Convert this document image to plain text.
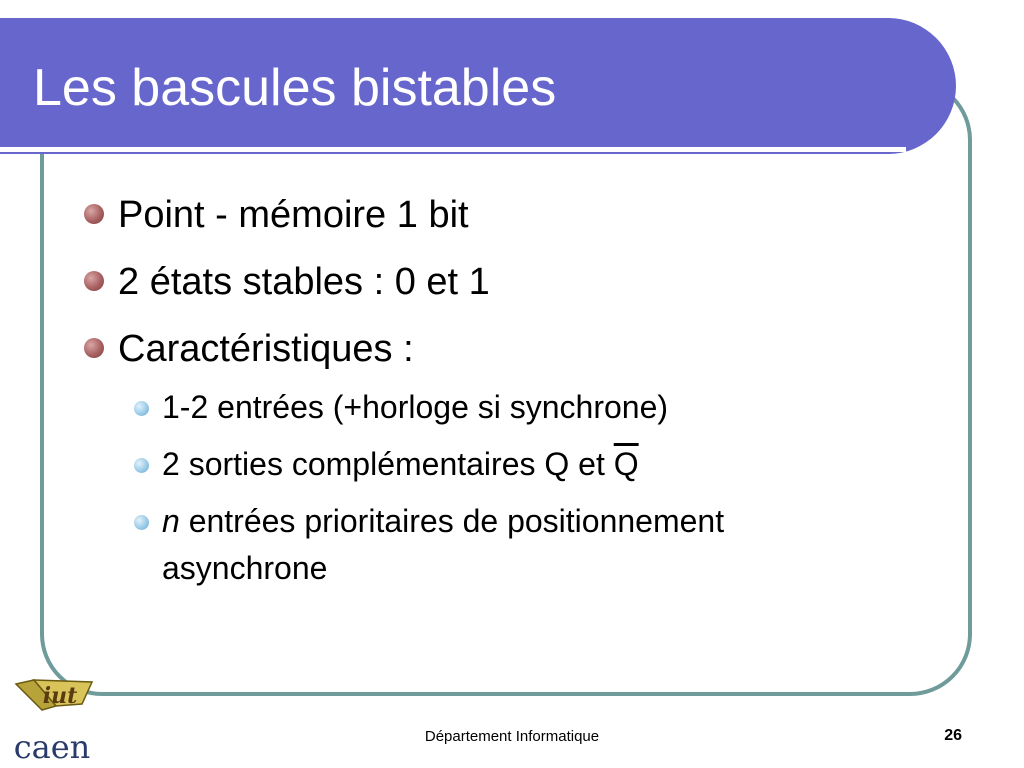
Les bascules bistables
Point - mémoire 1 bit
2 états stables : 0 et 1
Caractéristiques :
1-2 entrées (+horloge si synchrone)
2 sorties complémentaires Q et $\overline{Q}$
n entrées prioritaires de positionnement
asynchrone
iut
caen	Département Informatique	26
